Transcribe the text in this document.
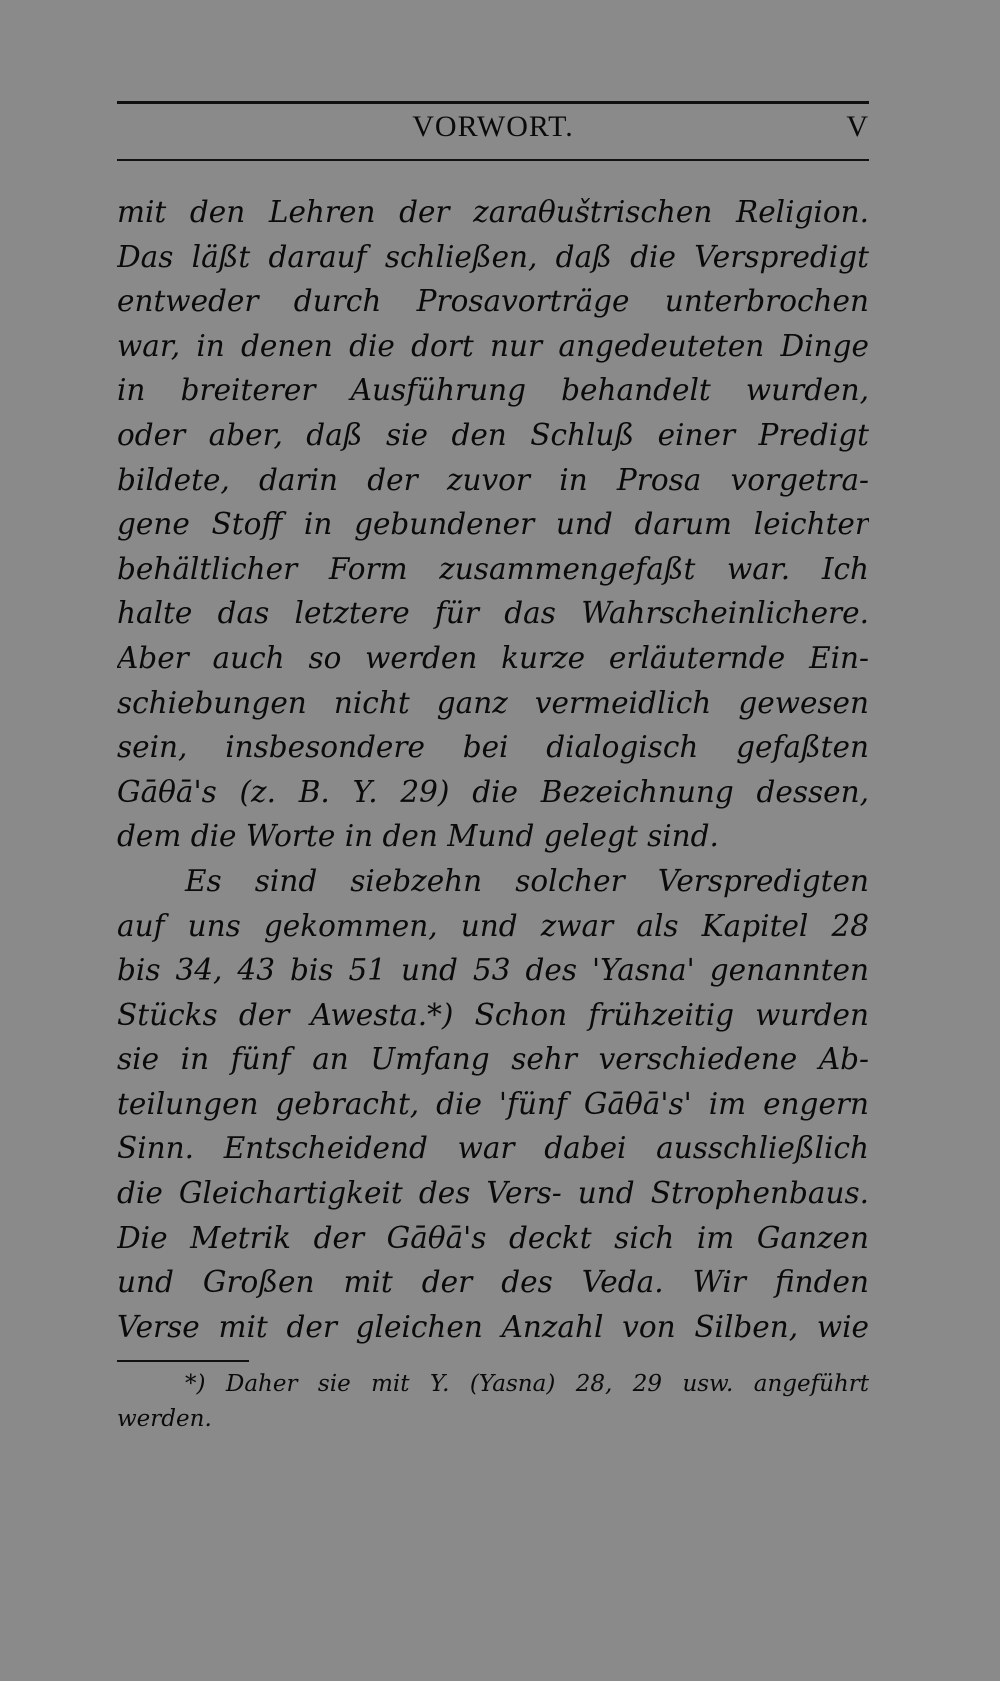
VORWORT.	V
mit den Lehren der zaraθuštrischen Religion.
Das läßt darauf schließen, daß die Verspredigt
entweder durch Prosavorträge unterbrochen
war, in denen die dort nur angedeuteten Dinge
in breiterer Ausführung behandelt wurden,
oder aber, daß sie den Schluß einer Predigt
bildete, darin der zuvor in Prosa vorgetra-
gene Stoff in gebundener und darum leichter
behältlicher Form zusammengefaßt war. Ich
halte das letztere für das Wahrscheinlichere.
Aber auch so werden kurze erläuternde Ein-
schiebungen nicht ganz vermeidlich gewesen
sein, insbesondere bei dialogisch gefaßten
Gāθā's (z. B. Y. 29) die Bezeichnung dessen,
dem die Worte in den Mund gelegt sind.
Es sind siebzehn solcher Verspredigten
auf uns gekommen, und zwar als Kapitel 28
bis 34, 43 bis 51 und 53 des 'Yasna' genannten
Stücks der Awesta.*) Schon frühzeitig wurden
sie in fünf an Umfang sehr verschiedene Ab-
teilungen gebracht, die 'fünf Gāθā's' im engern
Sinn. Entscheidend war dabei ausschließlich
die Gleichartigkeit des Vers- und Strophenbaus.
Die Metrik der Gāθā's deckt sich im Ganzen
und Großen mit der des Veda. Wir finden
Verse mit der gleichen Anzahl von Silben, wie
*) Daher sie mit Y. (Yasna) 28, 29 usw. angeführt
werden.
